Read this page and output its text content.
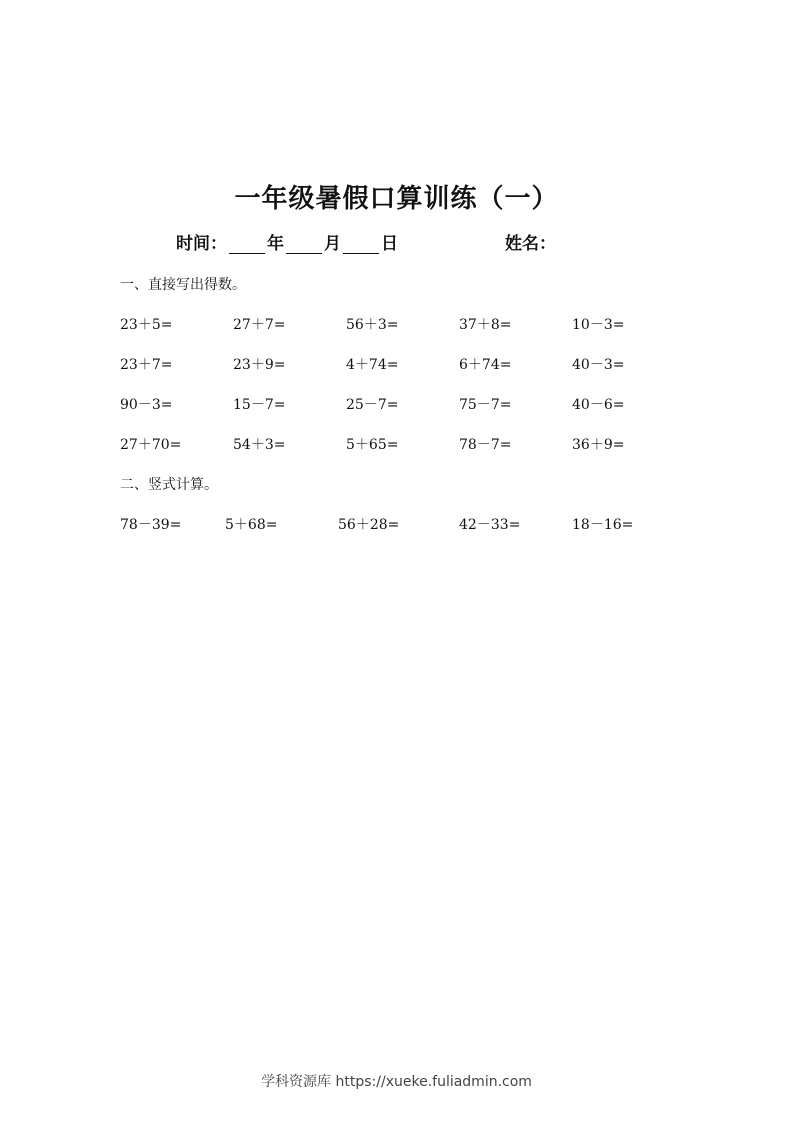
一年级暑假口算训练（一）
时间： 年 月 日	姓名：
一、直接写出得数。
23＋5=	27＋7=	56＋3=	37＋8=	10－3=
23＋7=	23＋9=	4＋74=	6＋74=	40－3=
90－3=	15－7=	25－7=	75－7=	40－6=
27＋70=	54＋3=	5＋65=	78－7=	36＋9=
二、竖式计算。
78－39=	5＋68=	56＋28=	42－33=	18－16=
学科资源库 https://xueke.fuliadmin.com
